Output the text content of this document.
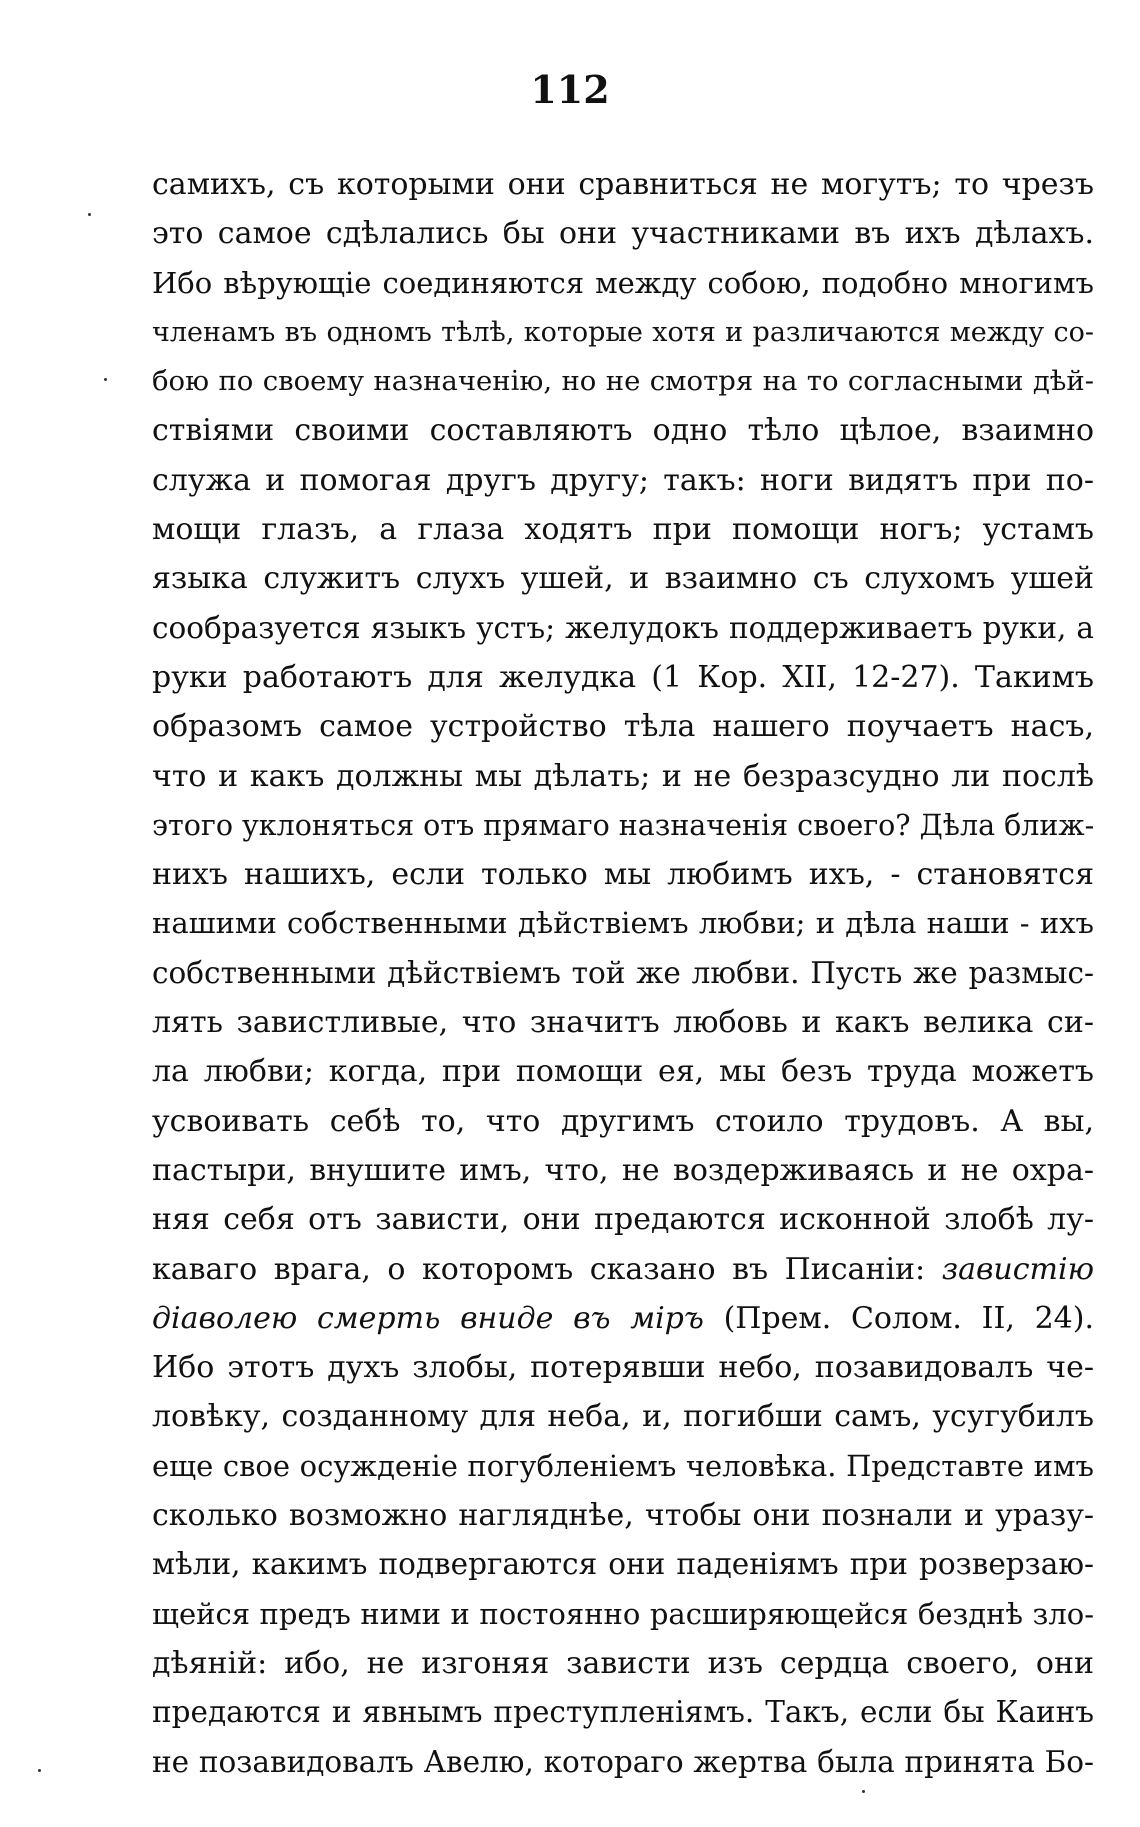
112
самихъ, съ которыми они сравниться не могутъ; то чрезъ
это самое сдѣлались бы они участниками въ ихъ дѣлахъ.
Ибо вѣрующіе соединяются между собою, подобно многимъ
членамъ въ одномъ тѣлѣ, которые хотя и различаются между со-
бою по своему назначенію, но не смотря на то согласными дѣй-
ствіями своими составляютъ одно тѣло цѣлое, взаимно
служа и помогая другъ другу; такъ: ноги видятъ при по-
мощи глазъ, а глаза ходятъ при помощи ногъ; устамъ
языка служитъ слухъ ушей, и взаимно съ слухомъ ушей
сообразуется языкъ устъ; желудокъ поддерживаетъ руки, а
руки работаютъ для желудка (1 Кор. XII, 12-27). Такимъ
образомъ самое устройство тѣла нашего поучаетъ насъ,
что и какъ должны мы дѣлать; и не безразсудно ли послѣ
этого уклоняться отъ прямаго назначенія своего? Дѣла ближ-
нихъ нашихъ, если только мы любимъ ихъ, - становятся
нашими собственными дѣйствіемъ любви; и дѣла наши - ихъ
собственными дѣйствіемъ той же любви. Пусть же размыс-
лять завистливые, что значитъ любовь и какъ велика си-
ла любви; когда, при помощи ея, мы безъ труда можетъ
усвоивать себѣ то, что другимъ стоило трудовъ. А вы,
пастыри, внушите имъ, что, не воздерживаясь и не охра-
няя себя отъ зависти, они предаются исконной злобѣ лу-
каваго врага, о которомъ сказано въ Писаніи: завистію
діаволею смерть вниде въ міръ (Прем. Солом. II, 24).
Ибо этотъ духъ злобы, потерявши небо, позавидовалъ че-
ловѣку, созданному для неба, и, погибши самъ, усугубилъ
еще свое осужденіе погубленіемъ человѣка. Представте имъ
сколько возможно нагляднѣе, чтобы они познали и уразу-
мѣли, какимъ подвергаются они паденіямъ при розверзаю-
щейся предъ ними и постоянно расширяющейся безднѣ зло-
дѣяній: ибо, не изгоняя зависти изъ сердца своего, они
предаются и явнымъ преступленіямъ. Такъ, если бы Каинъ
не позавидовалъ Авелю, котораго жертва была принята Бо-
